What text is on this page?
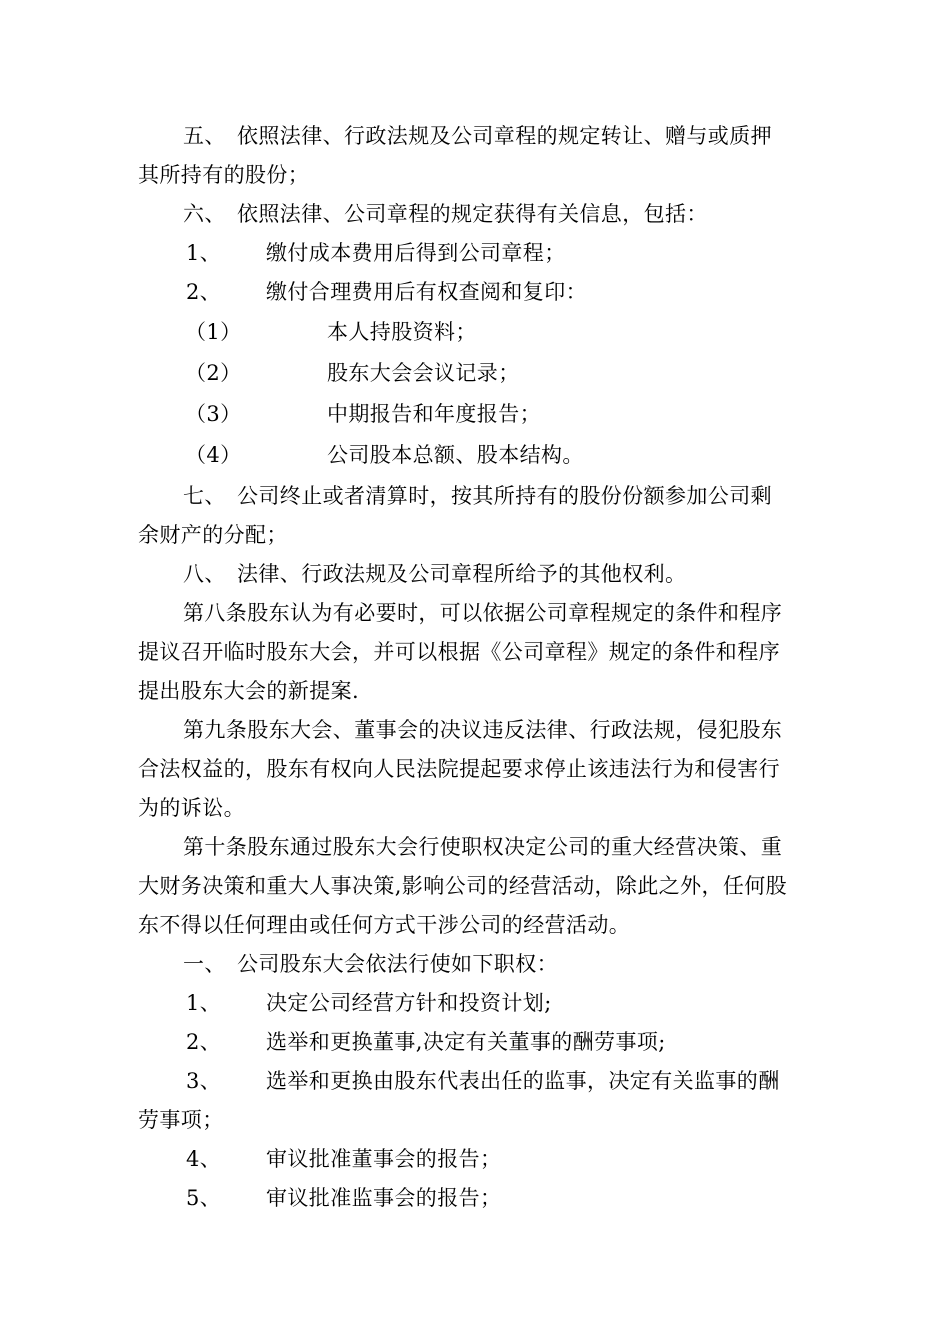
五、 依照法律、行政法规及公司章程的规定转让、赠与或质押
其所持有的股份；
六、 依照法律、公司章程的规定获得有关信息，包括：
1、 缴付成本费用后得到公司章程；
2、 缴付合理费用后有权查阅和复印：
（1）	本人持股资料；
（2）	股东大会会议记录；
（3）	中期报告和年度报告；
（4）	公司股本总额、股本结构。
七、 公司终止或者清算时，按其所持有的股份份额参加公司剩
余财产的分配；
八、 法律、行政法规及公司章程所给予的其他权利。
第八条股东认为有必要时，可以依据公司章程规定的条件和程序
提议召开临时股东大会，并可以根据《公司章程》规定的条件和程序
提出股东大会的新提案.
第九条股东大会、董事会的决议违反法律、行政法规，侵犯股东
合法权益的，股东有权向人民法院提起要求停止该违法行为和侵害行
为的诉讼。
第十条股东通过股东大会行使职权决定公司的重大经营决策、重
大财务决策和重大人事决策,影响公司的经营活动，除此之外，任何股
东不得以任何理由或任何方式干涉公司的经营活动。
一、 公司股东大会依法行使如下职权：
1、 决定公司经营方针和投资计划;
2、 选举和更换董事,决定有关董事的酬劳事项;
3、 选举和更换由股东代表出任的监事，决定有关监事的酬
劳事项；
4、 审议批准董事会的报告；
5、 审议批准监事会的报告；
